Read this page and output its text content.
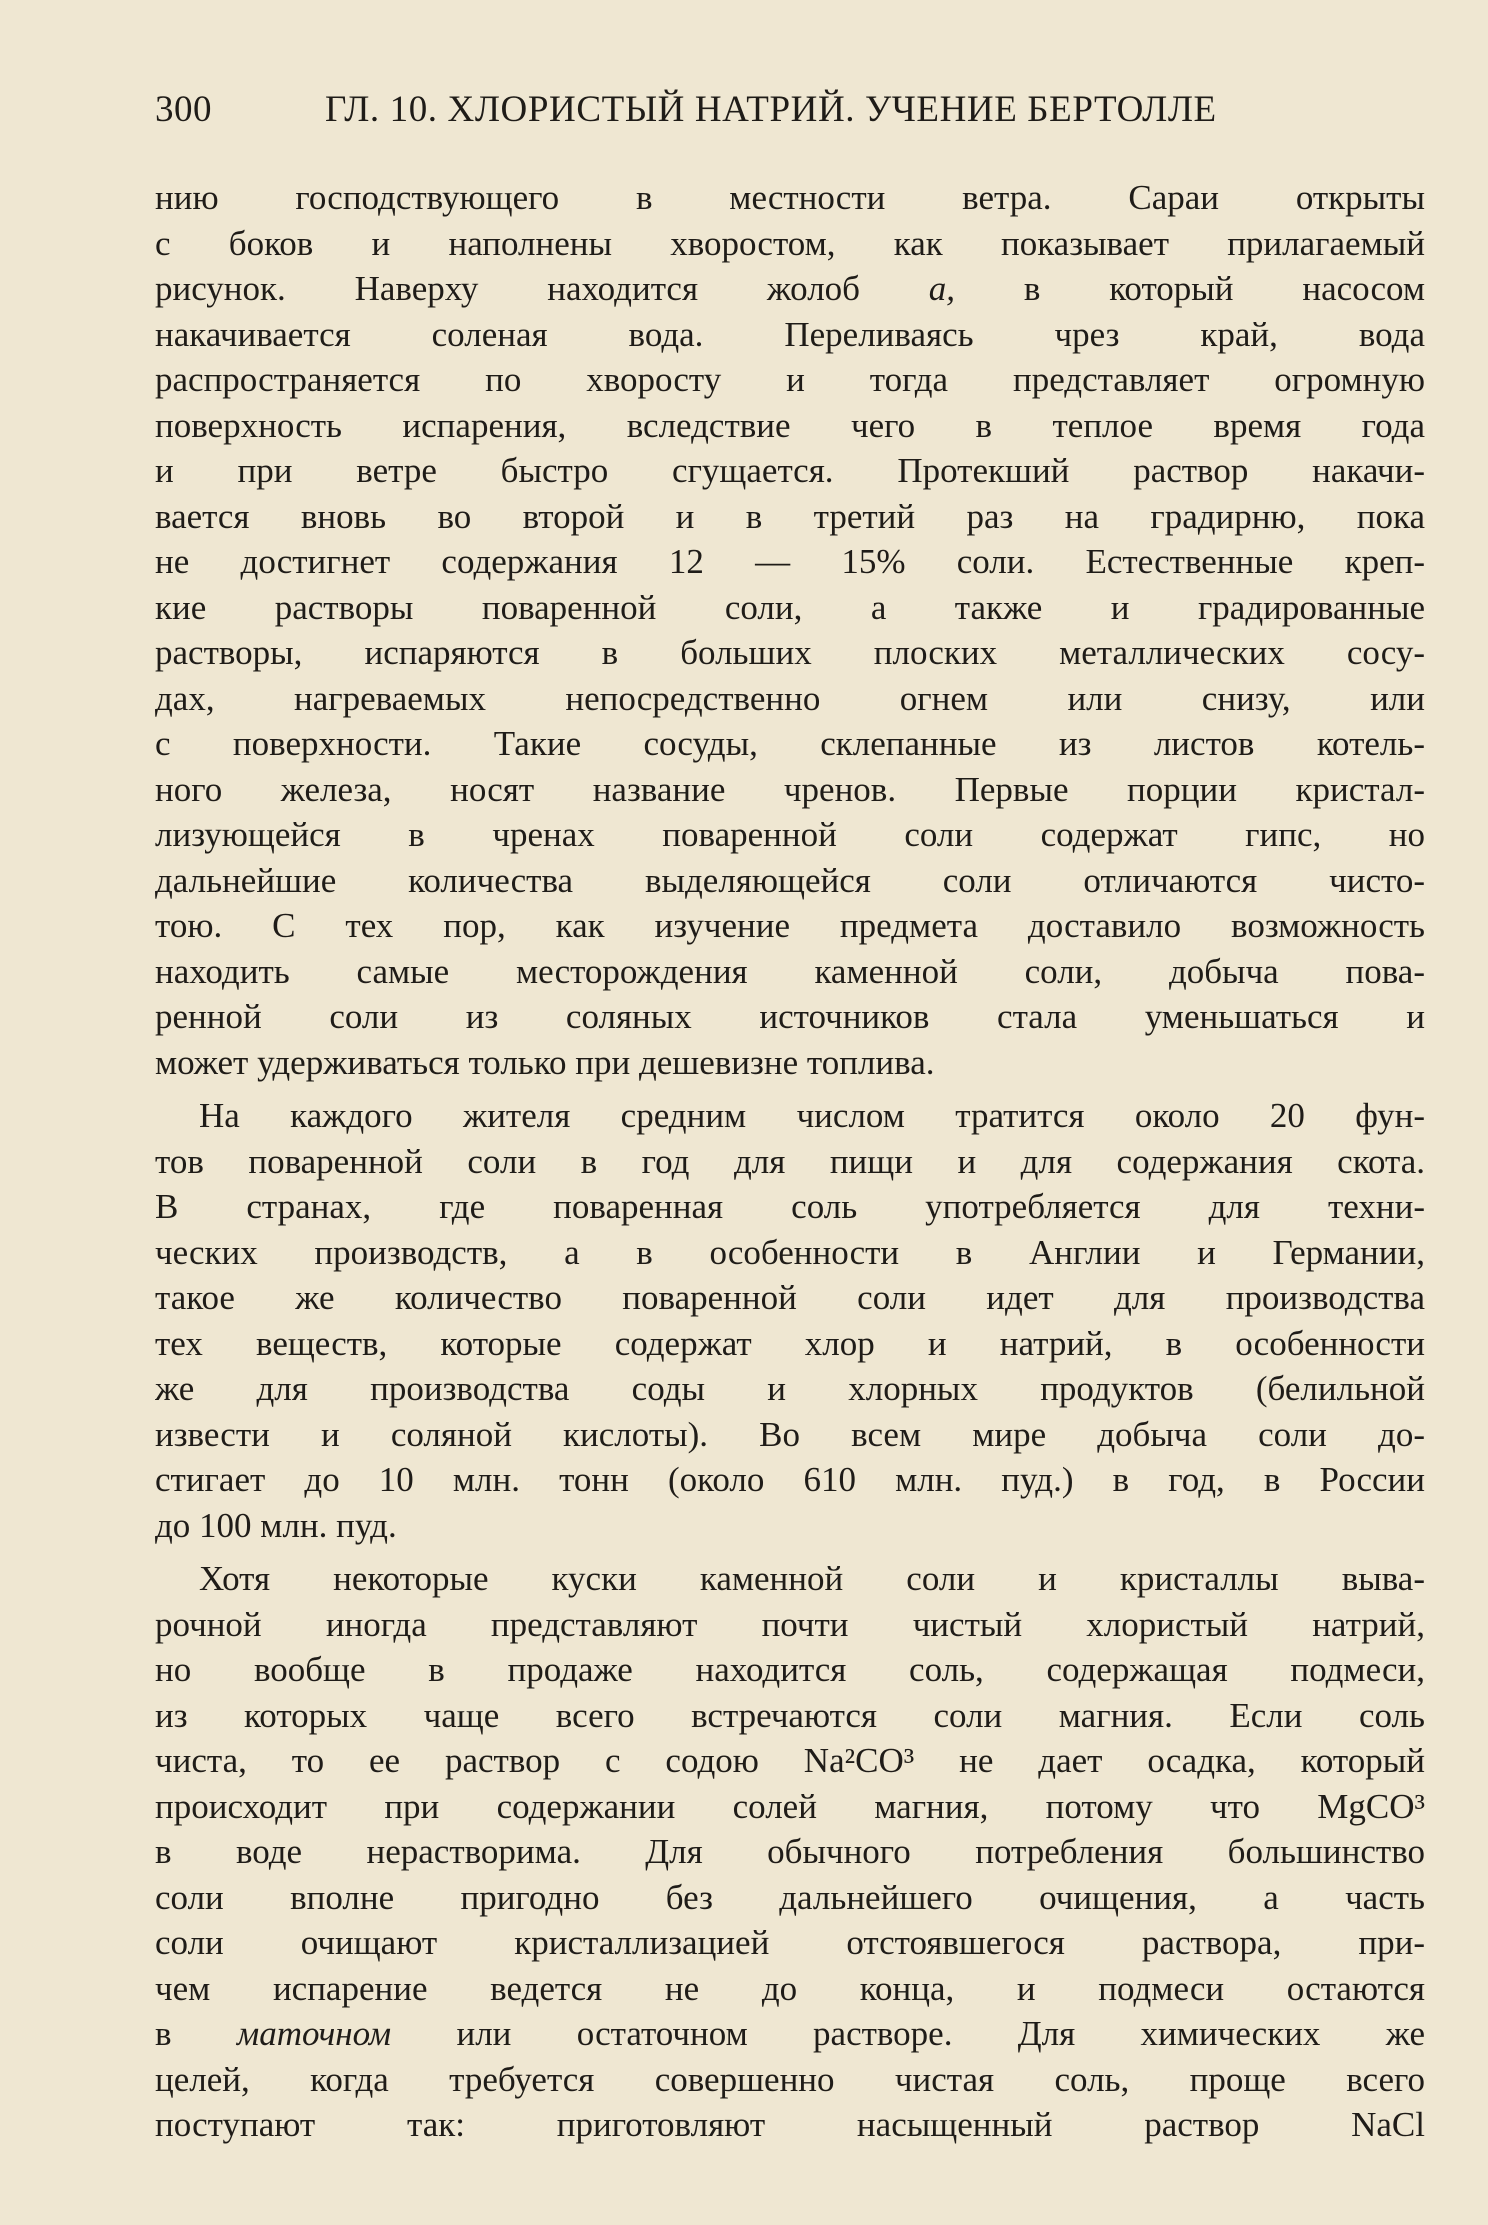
300	ГЛ. 10. ХЛОРИСТЫЙ НАТРИЙ. УЧЕНИЕ БЕРТОЛЛЕ
нию господствующего в местности ветра. Сараи открыты
с боков и наполнены хворостом, как показывает прилагаемый
рисунок. Наверху находится жолоб a, в который насосом
накачивается соленая вода. Переливаясь чрез край, вода
распространяется по хворосту и тогда представляет огромную
поверхность испарения, вследствие чего в теплое время года
и при ветре быстро сгущается. Протекший раствор накачи-
вается вновь во второй и в третий раз на градирню, пока
не достигнет содержания 12 — 15% соли. Естественные креп-
кие растворы поваренной соли, а также и градированные
растворы, испаряются в больших плоских металлических сосу-
дах, нагреваемых непосредственно огнем или снизу, или
с поверхности. Такие сосуды, склепанные из листов котель-
ного железа, носят название чренов. Первые порции кристал-
лизующейся в чренах поваренной соли содержат гипс, но
дальнейшие количества выделяющейся соли отличаются чисто-
тою. С тех пор, как изучение предмета доставило возможность
находить самые месторождения каменной соли, добыча пова-
ренной соли из соляных источников стала уменьшаться и
может удерживаться только при дешевизне топлива.
На каждого жителя средним числом тратится около 20 фун-
тов поваренной соли в год для пищи и для содержания скота.
В странах, где поваренная соль употребляется для техни-
ческих производств, а в особенности в Англии и Германии,
такое же количество поваренной соли идет для производства
тех веществ, которые содержат хлор и натрий, в особенности
же для производства соды и хлорных продуктов (белильной
извести и соляной кислоты). Во всем мире добыча соли до-
стигает до 10 млн. тонн (около 610 млн. пуд.) в год, в России
до 100 млн. пуд.
Хотя некоторые куски каменной соли и кристаллы выва-
рочной иногда представляют почти чистый хлористый натрий,
но вообще в продаже находится соль, содержащая подмеси,
из которых чаще всего встречаются соли магния. Если соль
чиста, то ее раствор с содою Na²CO³ не дает осадка, который
происходит при содержании солей магния, потому что MgCO³
в воде нерастворима. Для обычного потребления большинство
соли вполне пригодно без дальнейшего очищения, а часть
соли очищают кристаллизацией отстоявшегося раствора, при-
чем испарение ведется не до конца, и подмеси остаются
в маточном или остаточном растворе. Для химических же
целей, когда требуется совершенно чистая соль, проще всего
поступают так: приготовляют насыщенный раствор NaCl
